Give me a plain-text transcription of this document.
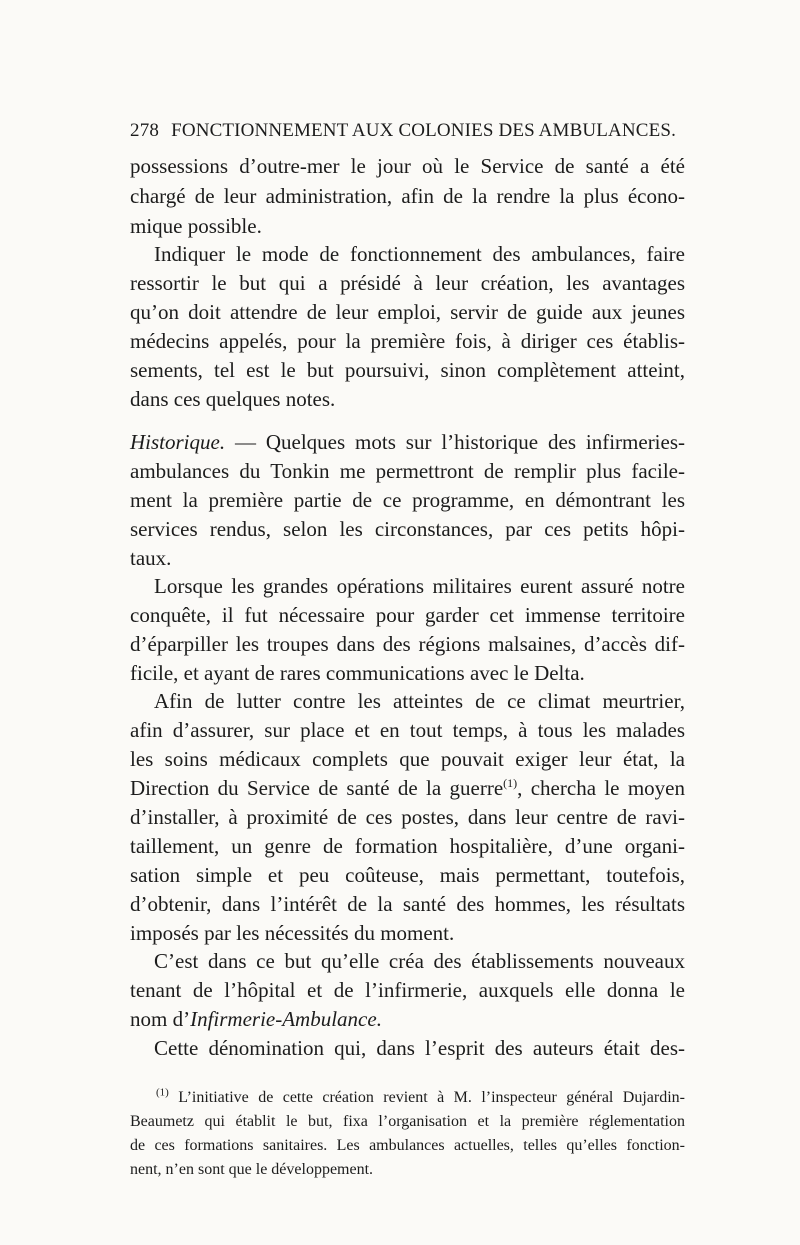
278 FONCTIONNEMENT AUX COLONIES DES AMBULANCES.
possessions d’outre-mer le jour où le Service de santé a été
chargé de leur administration, afin de la rendre la plus écono-
mique possible.
Indiquer le mode de fonctionnement des ambulances, faire
ressortir le but qui a présidé à leur création, les avantages
qu’on doit attendre de leur emploi, servir de guide aux jeunes
médecins appelés, pour la première fois, à diriger ces établis-
sements, tel est le but poursuivi, sinon complètement atteint,
dans ces quelques notes.
Historique. — Quelques mots sur l’historique des infirmeries-
ambulances du Tonkin me permettront de remplir plus facile-
ment la première partie de ce programme, en démontrant les
services rendus, selon les circonstances, par ces petits hôpi-
taux.
Lorsque les grandes opérations militaires eurent assuré notre
conquête, il fut nécessaire pour garder cet immense territoire
d’éparpiller les troupes dans des régions malsaines, d’accès dif-
ficile, et ayant de rares communications avec le Delta.
Afin de lutter contre les atteintes de ce climat meurtrier,
afin d’assurer, sur place et en tout temps, à tous les malades
les soins médicaux complets que pouvait exiger leur état, la
Direction du Service de santé de la guerre$^{(1)}$, chercha le moyen
d’installer, à proximité de ces postes, dans leur centre de ravi-
taillement, un genre de formation hospitalière, d’une organi-
sation simple et peu coûteuse, mais permettant, toutefois,
d’obtenir, dans l’intérêt de la santé des hommes, les résultats
imposés par les nécessités du moment.
C’est dans ce but qu’elle créa des établissements nouveaux
tenant de l’hôpital et de l’infirmerie, auxquels elle donna le
nom d’Infirmerie-Ambulance.
Cette dénomination qui, dans l’esprit des auteurs était des-
$^{(1)}$ L’initiative de cette création revient à M. l’inspecteur général Dujardin-
Beaumetz qui établit le but, fixa l’organisation et la première réglementation
de ces formations sanitaires. Les ambulances actuelles, telles qu’elles fonction-
nent, n’en sont que le développement.
